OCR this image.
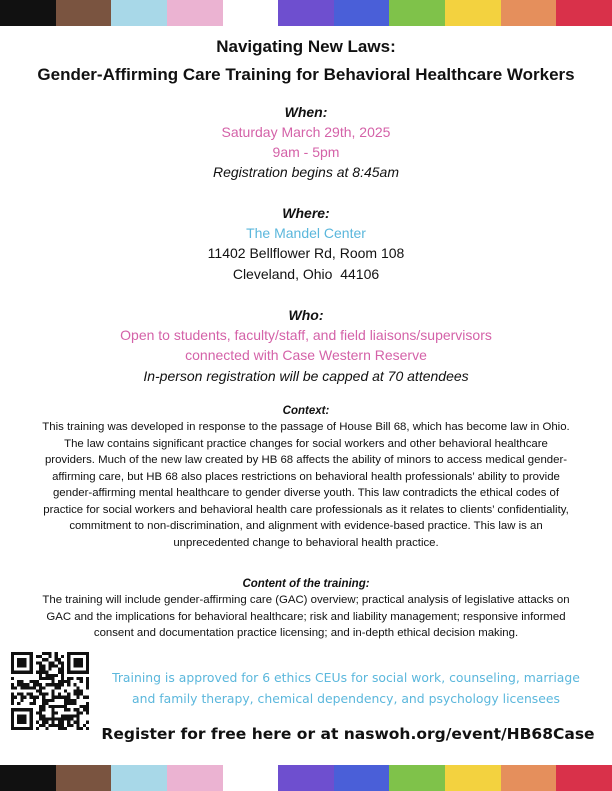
Navigating New Laws:
Gender-Affirming Care Training for Behavioral Healthcare Workers
When:
Saturday March 29th, 2025
9am - 5pm
Registration begins at 8:45am
Where:
The Mandel Center
11402 Bellflower Rd, Room 108
Cleveland, Ohio  44106
Who:
Open to students, faculty/staff, and field liaisons/supervisors
connected with Case Western Reserve
In-person registration will be capped at 70 attendees
Context:
This training was developed in response to the passage of House Bill 68, which has become law in Ohio.
The law contains significant practice changes for social workers and other behavioral healthcare
providers. Much of the new law created by HB 68 affects the ability of minors to access medical gender-
affirming care, but HB 68 also places restrictions on behavioral health professionals’ ability to provide
gender-affirming mental healthcare to gender diverse youth. This law contradicts the ethical codes of
practice for social workers and behavioral health care professionals as it relates to clients’ confidentiality,
commitment to non-discrimination, and alignment with evidence-based practice. This law is an
unprecedented change to behavioral health practice.
Content of the training:
The training will include gender-affirming care (GAC) overview; practical analysis of legislative attacks on
GAC and the implications for behavioral healthcare; risk and liability management; responsive informed
consent and documentation practice licensing; and in-depth ethical decision making.
Training is approved for 6 ethics CEUs for social work, counseling, marriage
and family therapy, chemical dependency, and psychology licensees
Register for free here or at naswoh.org/event/HB68Case
